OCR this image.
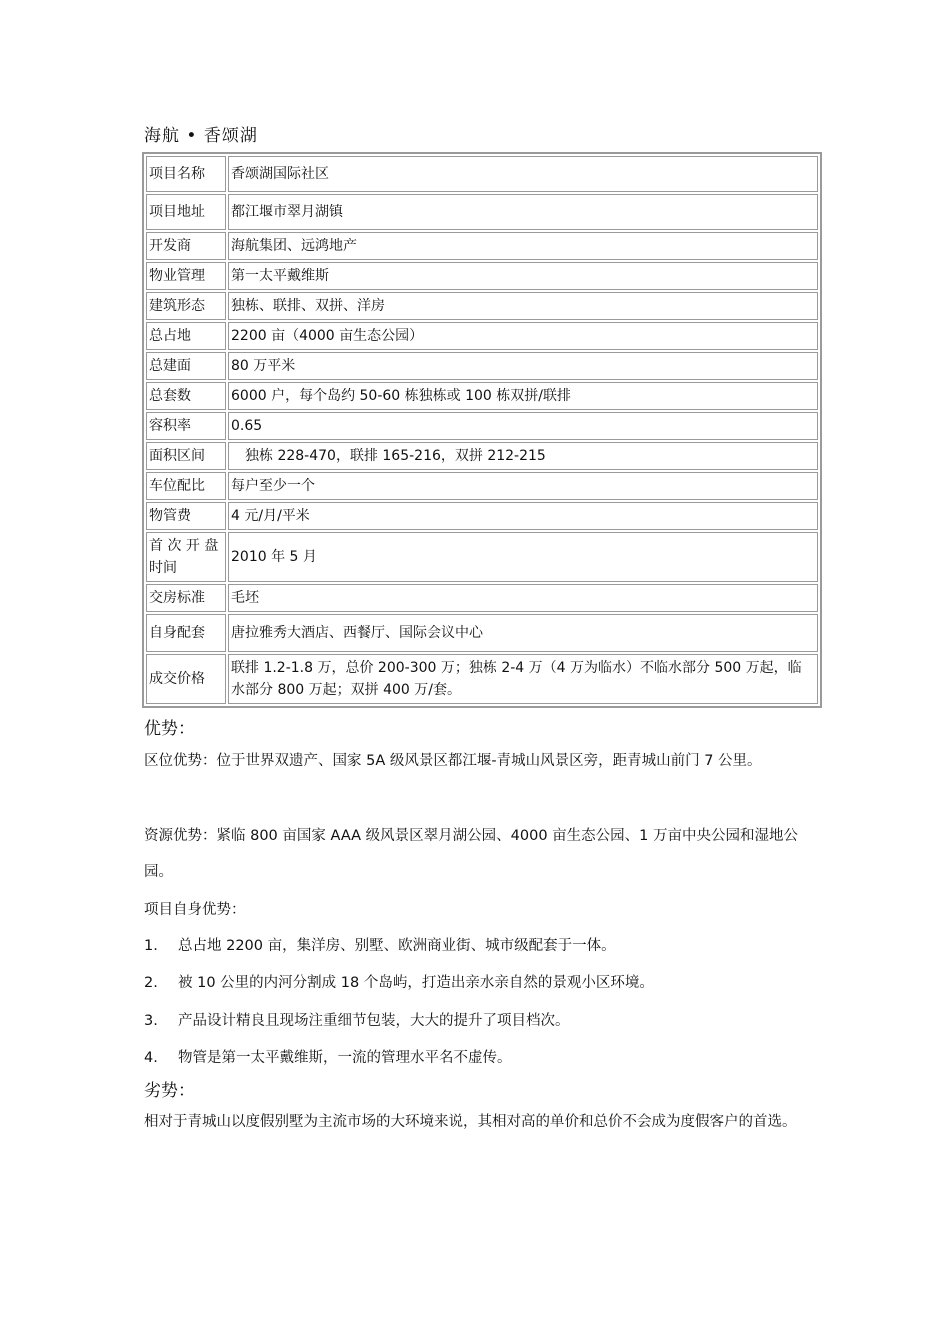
海航 • 香颂湖
项目名称	香颂湖国际社区
项目地址	都江堰市翠月湖镇
开发商	海航集团、远鸿地产
物业管理	第一太平戴维斯
建筑形态	独栋、联排、双拼、洋房
总占地	2200 亩（4000 亩生态公园）
总建面	80 万平米
总套数	6000 户，每个岛约 50-60 栋独栋或 100 栋双拼/联排
容积率	0.65
面积区间	　独栋 228-470，联排 165-216，双拼 212-215
车位配比	每户至少一个
物管费	4 元/月/平米
首 次 开 盘 时间	2010 年 5 月
交房标准	毛坯
自身配套	唐拉雅秀大酒店、西餐厅、国际会议中心
成交价格	联排 1.2-1.8 万，总价 200-300 万；独栋 2-4 万（4 万为临水）不临水部分 500 万起，临水部分 800 万起；双拼 400 万/套。
优势：
区位优势：位于世界双遗产、国家 5A 级风景区都江堰-青城山风景区旁，距青城山前门 7 公里。
资源优势：紧临 800 亩国家 AAA 级风景区翠月湖公园、4000 亩生态公园、1 万亩中央公园和湿地公园。
项目自身优势：
1. 总占地 2200 亩，集洋房、别墅、欧洲商业街、城市级配套于一体。
2. 被 10 公里的内河分割成 18 个岛屿，打造出亲水亲自然的景观小区环境。
3. 产品设计精良且现场注重细节包装，大大的提升了项目档次。
4. 物管是第一太平戴维斯，一流的管理水平名不虚传。
劣势：
相对于青城山以度假别墅为主流市场的大环境来说，其相对高的单价和总价不会成为度假客户的首选。
